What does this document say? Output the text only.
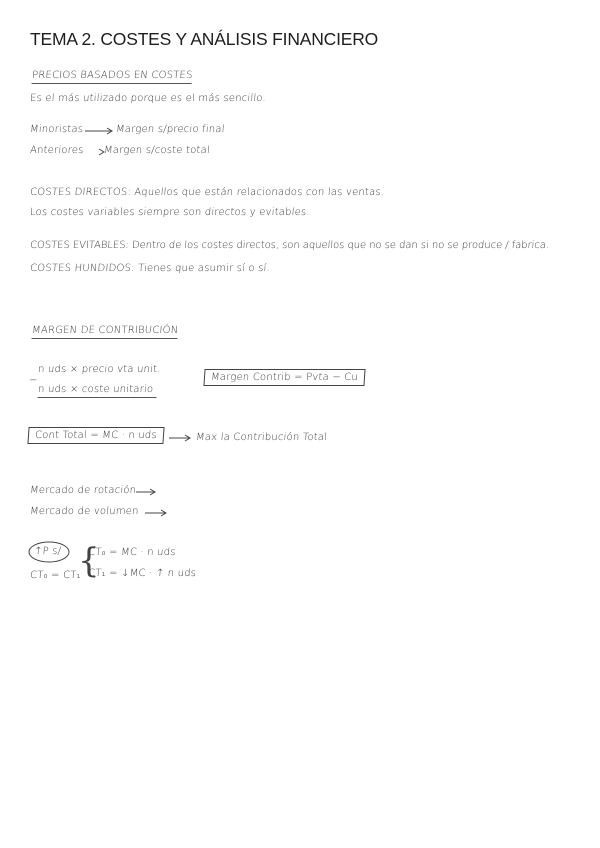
TEMA 2. COSTES Y ANÁLISIS FINANCIERO
PRECIOS BASADOS EN COSTES
Es el más utilizado porque es el más sencillo.
Minoristas	Margen s/precio final
Anteriores Margen s/coste total
COSTES DIRECTOS: Aquellos que están relacionados con las ventas.
Los costes variables siempre son directos y evitables.
COSTES EVITABLES: Dentro de los costes directos, son aquellos que no se dan si no se produce / fabrica.
COSTES HUNDIDOS: Tienes que asumir sí o sí.
MARGEN DE CONTRIBUCIÓN
n uds × precio vta unit.
−
n uds × coste unitario
Margen Contrib = Pvta − Cu
Cont Total = MC · n uds	Max la Contribución Total
Mercado de rotación
Mercado de volumen
↑P s/
CT₀ = CT₁
{
CT₀ = MC · n uds
CT₁ = ↓MC · ↑ n uds
